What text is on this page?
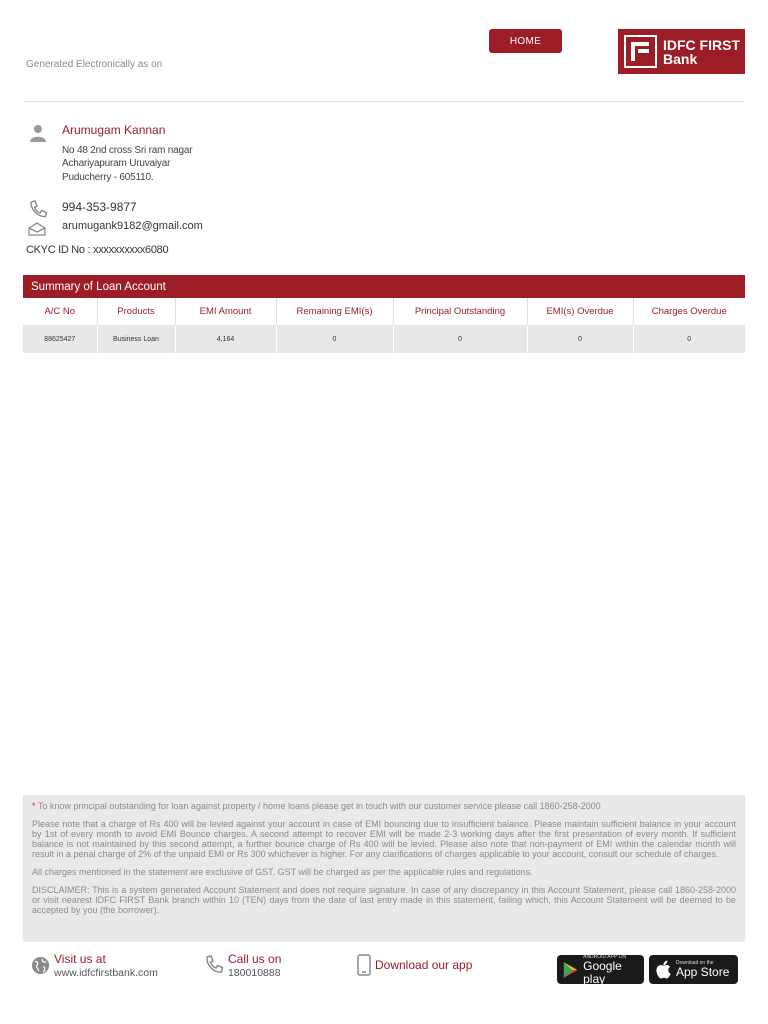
Generated Electronically as on
HOME	IDFC FIRST
Bank
Arumugam Kannan
No 48 2nd cross Sri ram nagar
Achariyapuram Uruvaiyar
Puducherry - 605110.
994-353-9877
arumugank9182@gmail.com
CKYC ID No : xxxxxxxxxx6080
Summary of Loan Account
A/C No	Products	EMI Amount	Remaining EMI(s)	Principal Outstanding	EMI(s) Overdue	Charges Overdue
88625427	Business Loan	4,164	0	0	0	0

* To know principal outstanding for loan against property / home loans please get in touch with our customer service please call 1860-258-2000

Please note that a charge of Rs 400 will be levied against your account in case of EMI bouncing due to insufficient balance. Please maintain sufficient balance in your account by 1st of every month to avoid EMI Bounce charges. A second attempt to recover EMI will be made 2-3 working days after the first presentation of every month. If sufficient balance is not maintained by this second attempt, a further bounce charge of Rs 400 will be levied. Please also note that non-payment of EMI within the calendar month will result in a penal charge of 2% of the unpaid EMI or Rs 300 whichever is higher. For any clarifications of charges applicable to your account, consult our schedule of charges.

All charges mentioned in the statement are exclusive of GST. GST will be charged as per the applicable rules and regulations.

DISCLAIMER: This is a system generated Account Statement and does not require signature. In case of any discrepancy in this Account Statement, please call 1860-258-2000 or visit nearest IDFC FIRST Bank branch within 10 (TEN) days from the date of last entry made in this statement, failing which, this Account Statement will be deemed to be accepted by you (the borrower).

Visit us at
www.idfcfirstbank.com
Call us on
180010888
Download our app
ANDROID APP ON
Google play
Download on the
App Store
